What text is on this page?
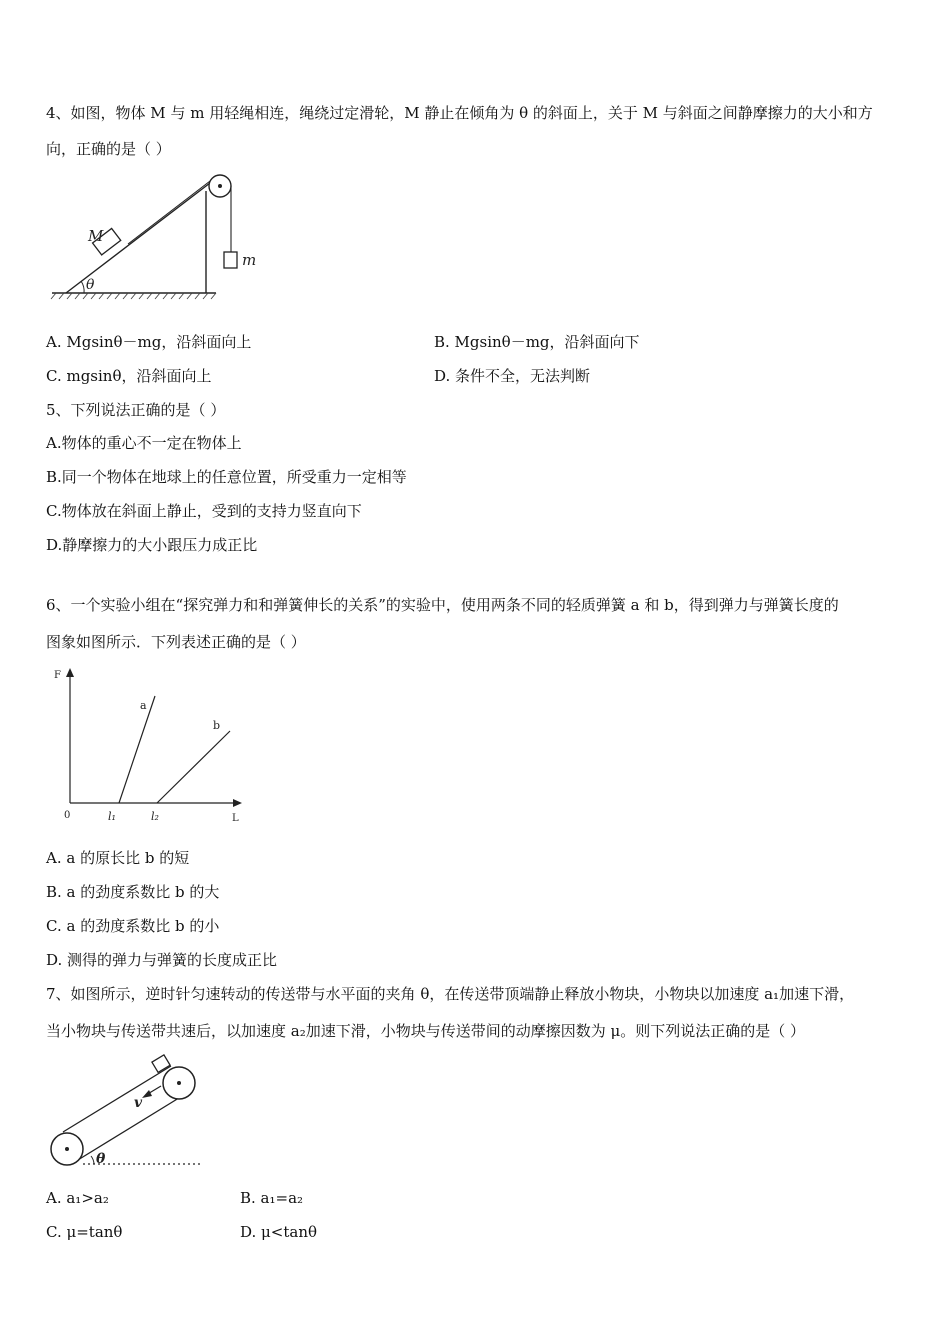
4、如图，物体 M 与 m 用轻绳相连，绳绕过定滑轮，M 静止在倾角为 θ 的斜面上，关于 M 与斜面之间静摩擦力的大小和方
向，正确的是（ ）
M
m
θ
A. Mgsinθ－mg，沿斜面向上	B. Mgsinθ－mg，沿斜面向下
C. mgsinθ，沿斜面向上	D. 条件不全，无法判断
5、下列说法正确的是（ ）
A.物体的重心不一定在物体上
B.同一个物体在地球上的任意位置，所受重力一定相等
C.物体放在斜面上静止，受到的支持力竖直向下
D.静摩擦力的大小跟压力成正比
6、一个实验小组在“探究弹力和和弹簧伸长的关系”的实验中，使用两条不同的轻质弹簧 a 和 b，得到弹力与弹簧长度的
图象如图所示．下列表述正确的是（ ）
F
L
0	l₁	l₂
a
b
A. a 的原长比 b 的短
B. a 的劲度系数比 b 的大
C. a 的劲度系数比 b 的小
D. 测得的弹力与弹簧的长度成正比
7、如图所示，逆时针匀速转动的传送带与水平面的夹角 θ，在传送带顶端静止释放小物块，小物块以加速度 a₁加速下滑，
当小物块与传送带共速后，以加速度 a₂加速下滑，小物块与传送带间的动摩擦因数为 μ。则下列说法正确的是（ ）
v
θ
A. a₁>a₂	B. a₁=a₂
C. μ=tanθ	D. μ<tanθ
